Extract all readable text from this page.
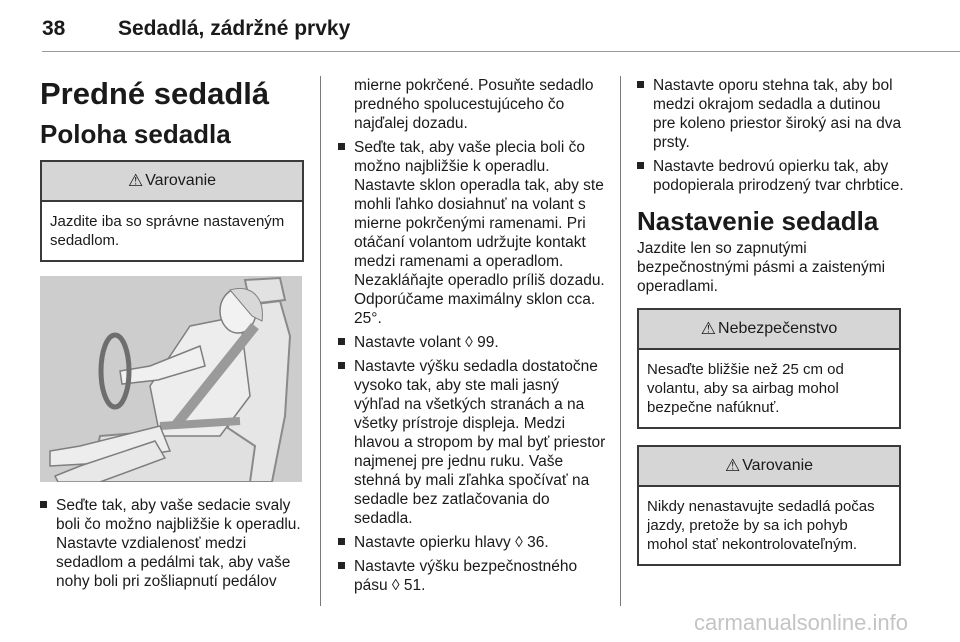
38	Sedadlá, zádržné prvky
Predné sedadlá
Poloha sedadla
⚠ Varovanie
Jazdite iba so správne nastaveným sedadlom.
Seďte tak, aby vaše sedacie svaly boli čo možno najbližšie k operadlu. Nastavte vzdialenosť medzi sedadlom a pedálmi tak, aby vaše nohy boli pri zošliapnutí pedálov
mierne pokrčené. Posuňte sedadlo predného spolucestujúceho čo najďalej dozadu.
Seďte tak, aby vaše plecia boli čo možno najbližšie k operadlu. Nastavte sklon operadla tak, aby ste mohli ľahko dosiahnuť na volant s mierne pokrčenými ramenami. Pri otáčaní volantom udržujte kontakt medzi ramenami a operadlom. Nezakláňajte operadlo príliš dozadu. Odporúčame maximálny sklon cca. 25°.
Nastavte volant ◊ 99.
Nastavte výšku sedadla dostatočne vysoko tak, aby ste mali jasný výhľad na všetkých stranách a na všetky prístroje displeja. Medzi hlavou a stropom by mal byť priestor najmenej pre jednu ruku. Vaše stehná by mali zľahka spočívať na sedadle bez zatlačovania do sedadla.
Nastavte opierku hlavy ◊ 36.
Nastavte výšku bezpečnostného pásu ◊ 51.
Nastavte oporu stehna tak, aby bol medzi okrajom sedadla a dutinou pre koleno priestor široký asi na dva prsty.
Nastavte bedrovú opierku tak, aby podopierala prirodzený tvar chrbtice.
Nastavenie sedadla

Jazdite len so zapnutými bezpečnostnými pásmi a zaistenými operadlami.

⚠ Nebezpečenstvo
Nesaďte bližšie než 25 cm od volantu, aby sa airbag mohol bezpečne nafúknuť.
⚠ Varovanie
Nikdy nenastavujte sedadlá počas jazdy, pretože by sa ich pohyb mohol stať nekontrolovateľným.
carmanualsonline.info
